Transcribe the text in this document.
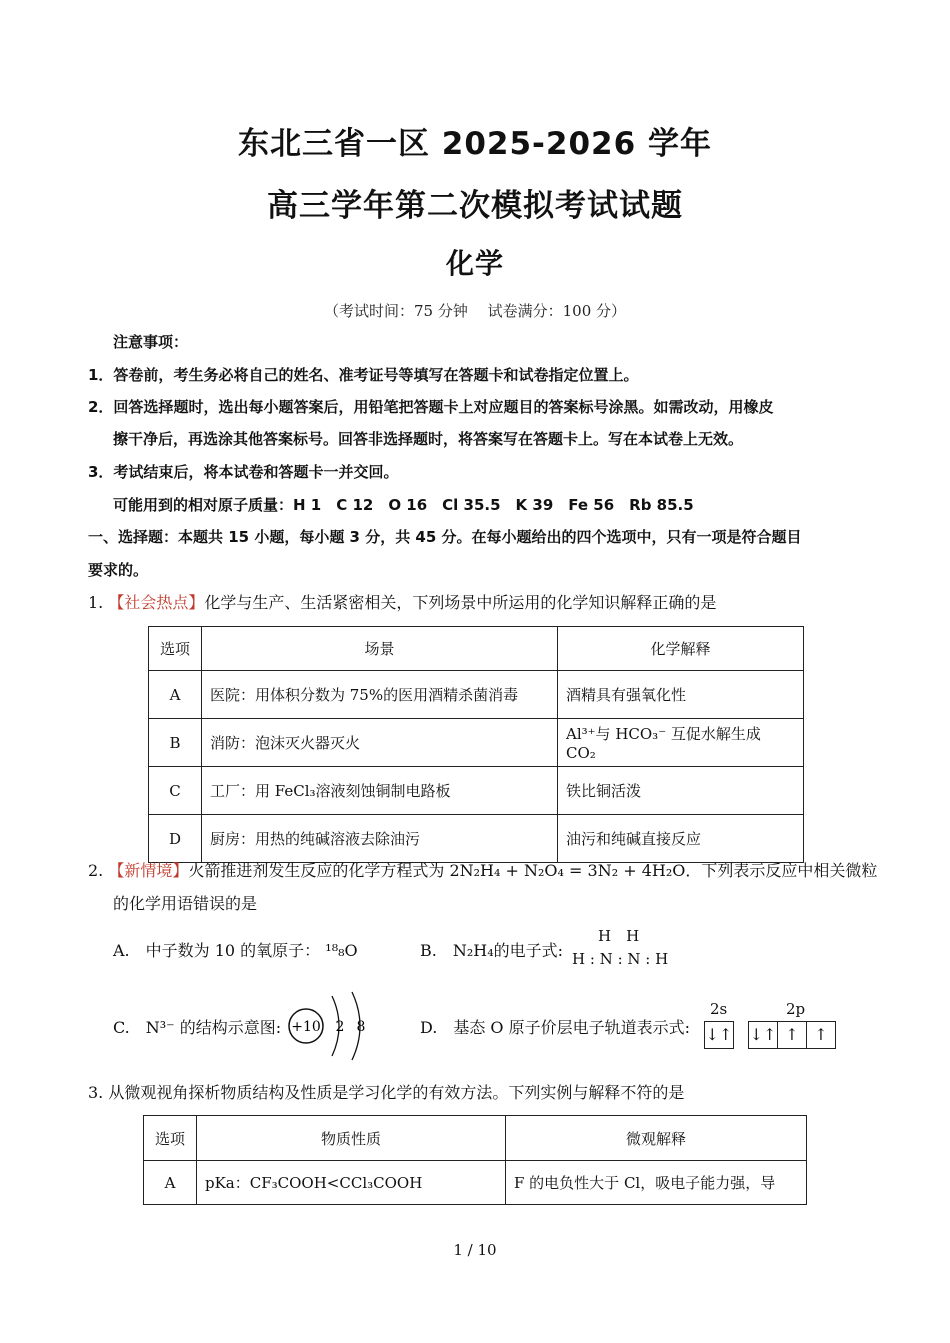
东北三省一区 2025-2026 学年
高三学年第二次模拟考试试题
化学
（考试时间：75 分钟　 试卷满分：100 分）
注意事项：
1．答卷前，考生务必将自己的姓名、准考证号等填写在答题卡和试卷指定位置上。
2．回答选择题时，选出每小题答案后，用铅笔把答题卡上对应题目的答案标号涂黑。如需改动，用橡皮
擦干净后，再选涂其他答案标号。回答非选择题时，将答案写在答题卡上。写在本试卷上无效。
3．考试结束后，将本试卷和答题卡一并交回。
可能用到的相对原子质量：H 1　C 12　O 16　Cl 35.5　K 39　Fe 56　Rb 85.5
一、选择题：本题共 15 小题，每小题 3 分，共 45 分。在每小题给出的四个选项中，只有一项是符合题目
要求的。
1. 【社会热点】化学与生产、生活紧密相关，下列场景中所运用的化学知识解释正确的是
选项	场景	化学解释
A	医院：用体积分数为 75%的医用酒精杀菌消毒	酒精具有强氧化性
B	消防：泡沫灭火器灭火	Al³⁺与 HCO₃⁻ 互促水解生成 CO₂
C	工厂：用 FeCl₃溶液刻蚀铜制电路板	铁比铜活泼
D	厨房：用热的纯碱溶液去除油污	油污和纯碱直接反应
2. 【新情境】火箭推进剂发生反应的化学方程式为 2N₂H₄ + N₂O₄ = 3N₂ + 4H₂O．下列表示反应中相关微粒
的化学用语错误的是
A.　中子数为 10 的氧原子： ¹⁸₈O	B.　N₂H₄的电子式:
H　H
H : N : N : H
C.　N³⁻ 的结构示意图: +10 2 8	D.　基态 O 原子价层电子轨道表示式:
2s	2p
↓↑ ↓↑ ↑ ↑
3. 从微观视角探析物质结构及性质是学习化学的有效方法。下列实例与解释不符的是
选项	物质性质	微观解释
A	pKa：CF₃COOH<CCl₃COOH	F 的电负性大于 Cl，吸电子能力强，导
1 / 10
